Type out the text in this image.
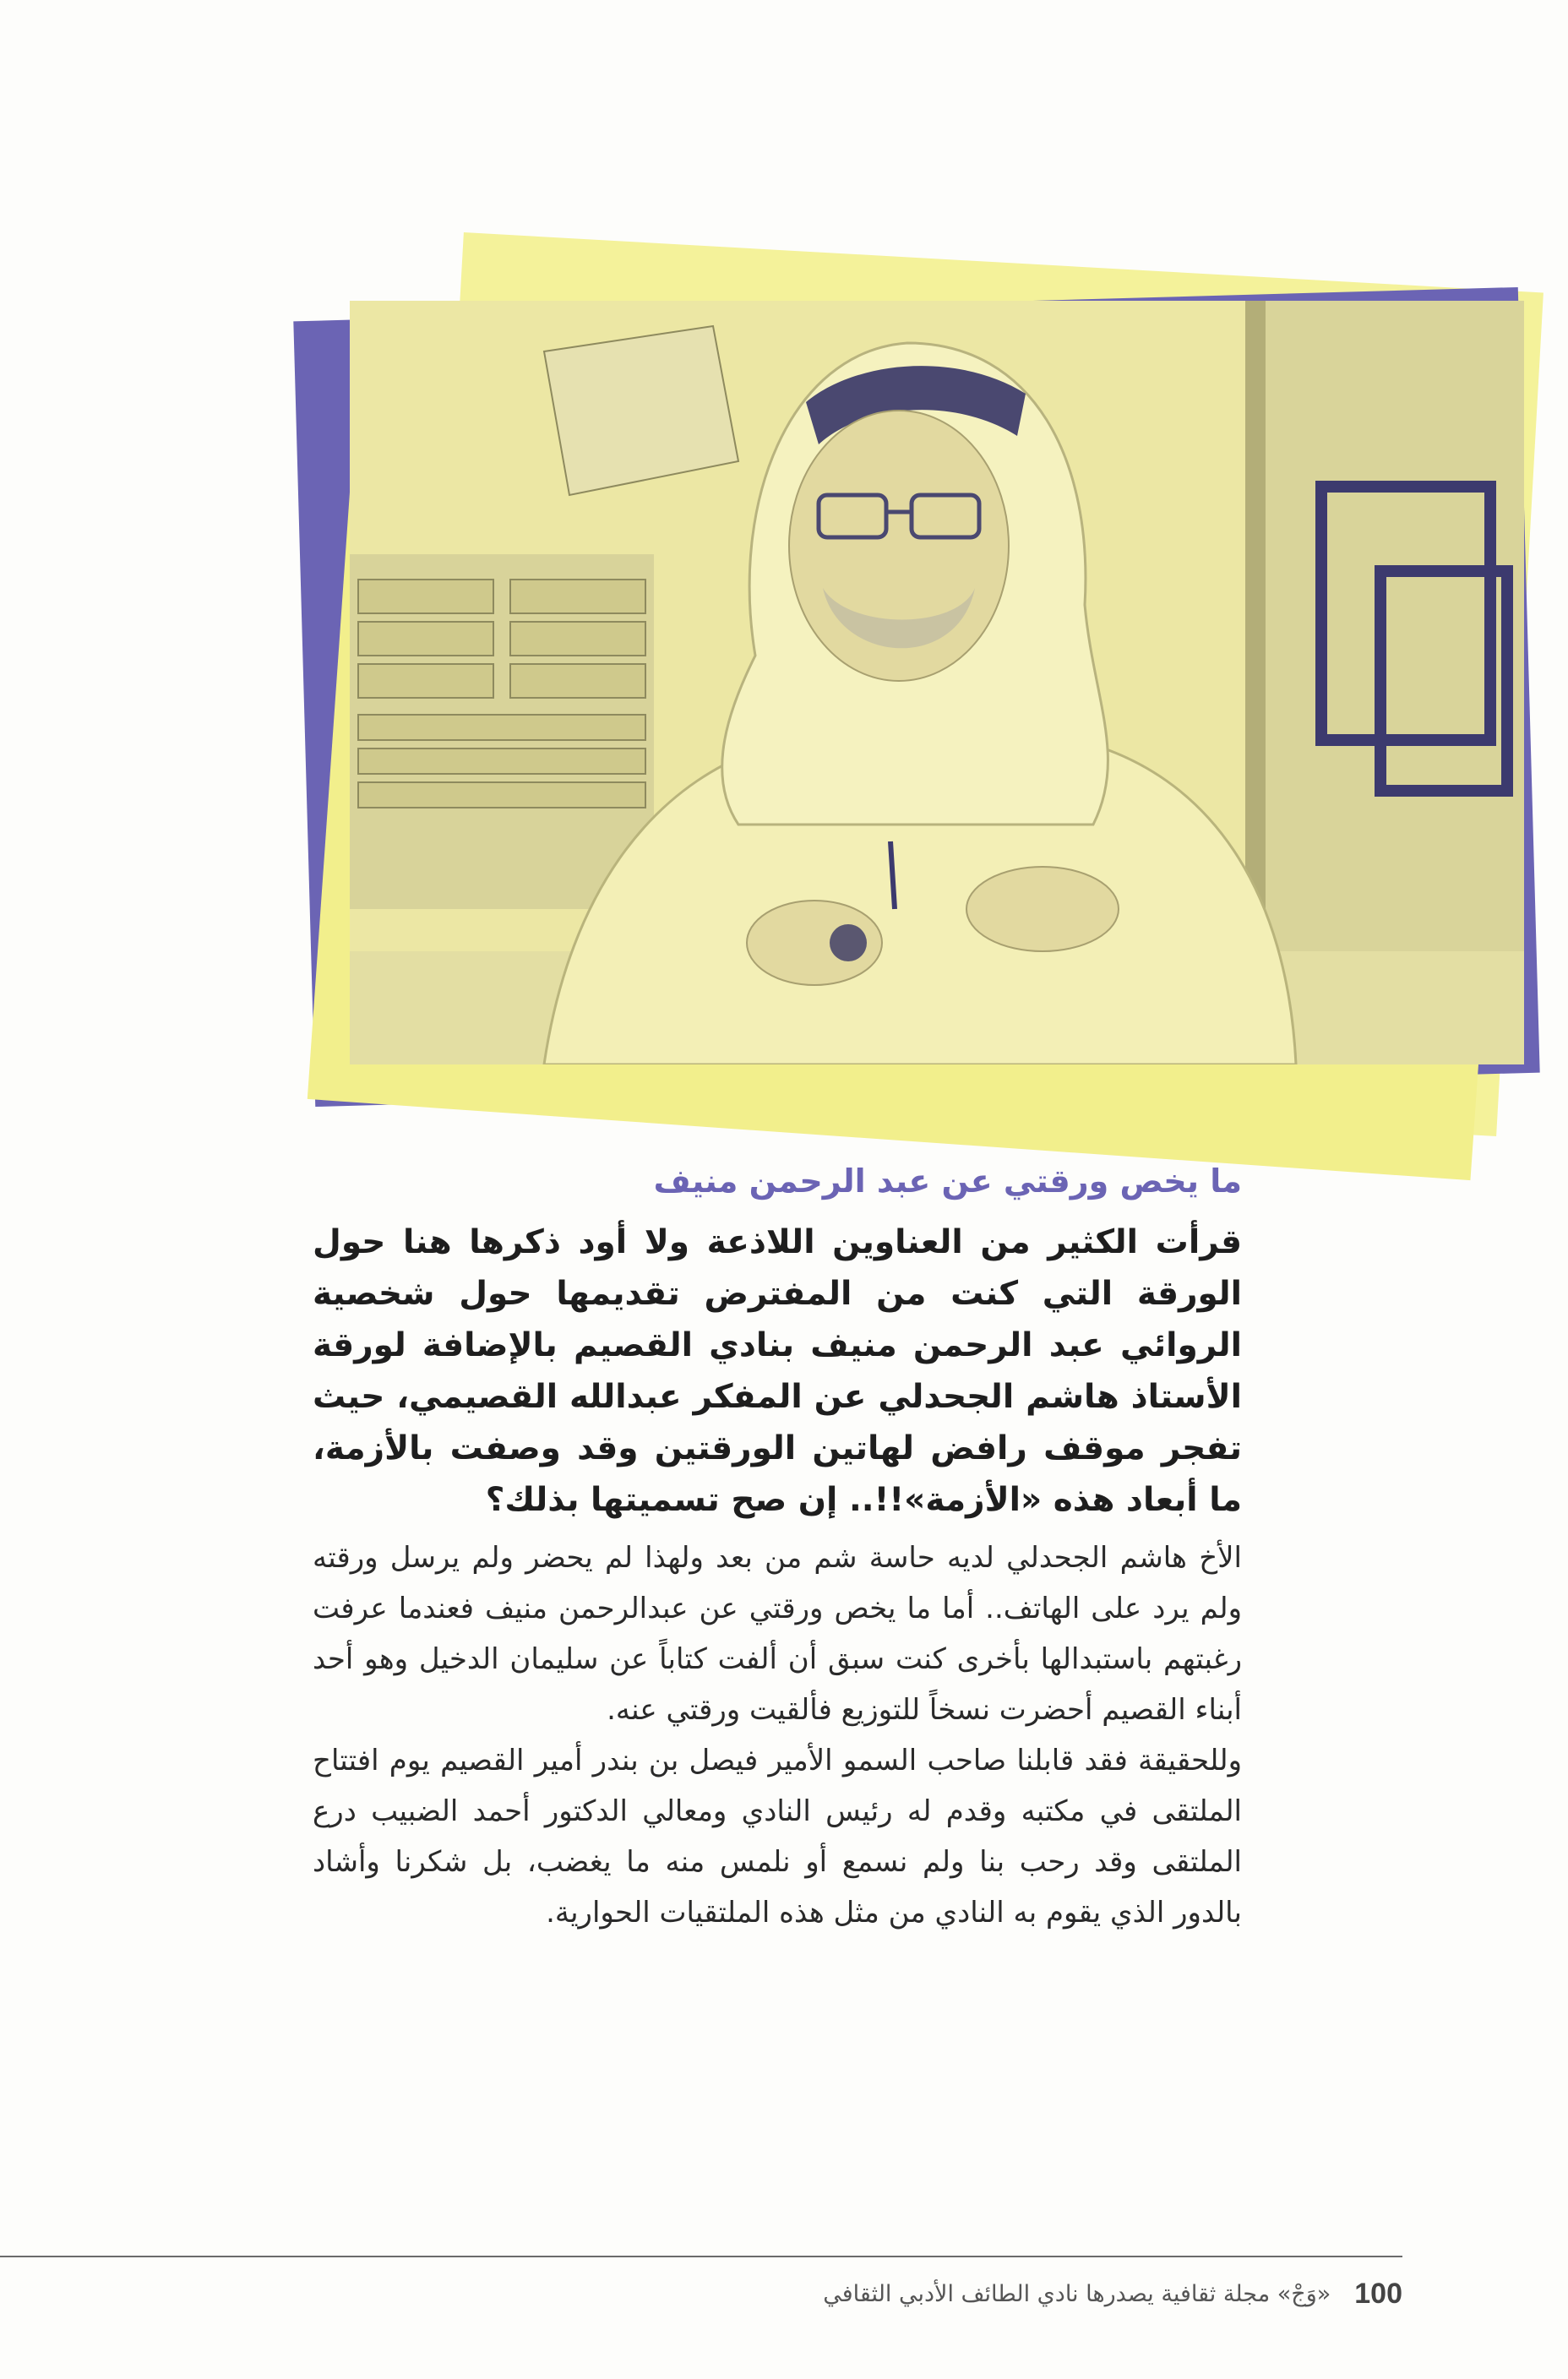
ما يخص ورقتي عن عبد الرحمن منيف

قرأت الكثير من العناوين اللاذعة ولا أود ذكرها هنا حول الورقة التي كنت من المفترض تقديمها حول شخصية الروائي عبد الرحمن منيف بنادي القصيم بالإضافة لورقة الأستاذ هاشم الجحدلي عن المفكر عبدالله القصيمي، حيث تفجر موقف رافض لهاتين الورقتين وقد وصفت بالأزمة، ما أبعاد هذه «الأزمة»!!.. إن صح تسميتها بذلك؟

الأخ هاشم الجحدلي لديه حاسة شم من بعد ولهذا لم يحضر ولم يرسل ورقته ولم يرد على الهاتف.. أما ما يخص ورقتي عن عبدالرحمن منيف فعندما عرفت رغبتهم باستبدالها بأخرى كنت سبق أن ألفت كتاباً عن سليمان الدخيل وهو أحد أبناء القصيم أحضرت نسخاً للتوزيع فألقيت ورقتي عنه.

وللحقيقة فقد قابلنا صاحب السمو الأمير فيصل بن بندر أمير القصيم يوم افتتاح الملتقى في مكتبه وقدم له رئيس النادي ومعالي الدكتور أحمد الضبيب درع الملتقى وقد رحب بنا ولم نسمع أو نلمس منه ما يغضب، بل شكرنا وأشاد بالدور الذي يقوم به النادي من مثل هذه الملتقيات الحوارية.

100
«وَجْ» مجلة ثقافية يصدرها نادي الطائف الأدبي الثقافي
